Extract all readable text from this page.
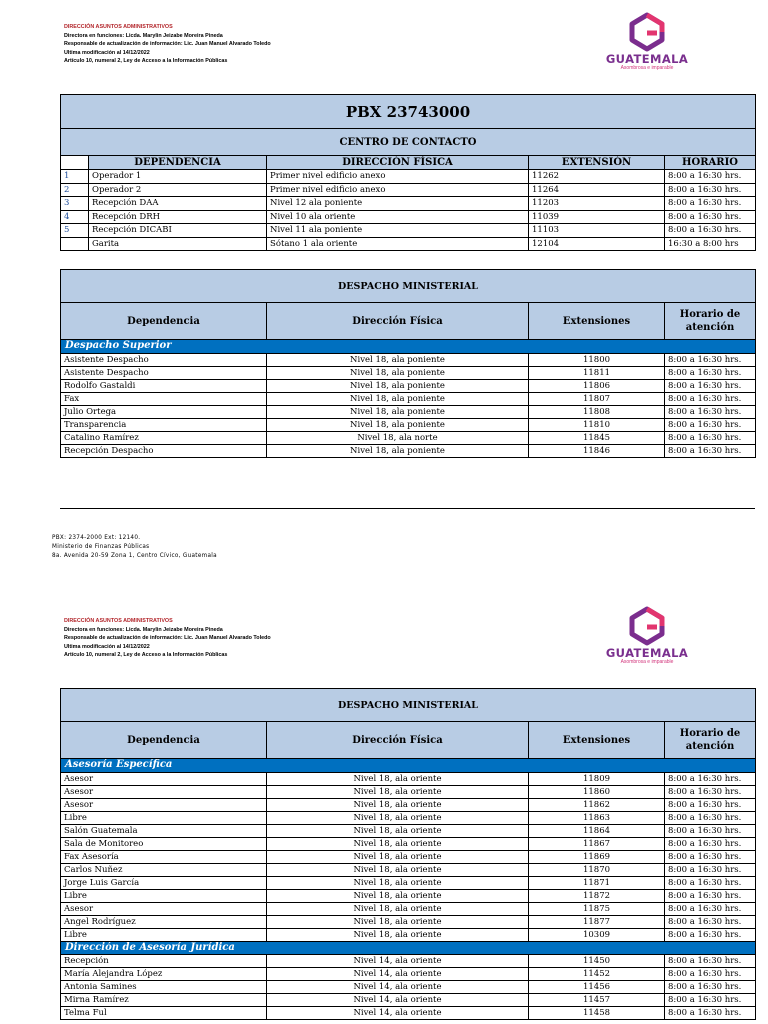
DIRECCIÓN ASUNTOS ADMINISTRATIVOS
Directora en funciones: Licda. Marylin Jeizabe Moreira Pineda
Responsable de actualización de información: Lic. Juan Manuel Alvarado Toledo
Ultima modificación al 14/12/2022
Artículo 10, numeral 2, Ley de Acceso a la Información Públicas	GUATEMALA
Asombrosa e imparable
PBX 23743000				
CENTRO DE CONTACTO				
	DEPENDENCIA	DIRECCIÓN FÍSICA	EXTENSIÓN	HORARIO
1	Operador 1	Primer nivel edificio anexo	11262	8:00 a 16:30 hrs.
2	Operador 2	Primer nivel edificio anexo	11264	8:00 a 16:30 hrs.
3	Recepción DAA	Nivel 12 ala poniente	11203	8:00 a 16:30 hrs.
4	Recepción DRH	Nivel 10 ala oriente	11039	8:00 a 16:30 hrs.
5	Recepción DICABI	Nivel 11 ala poniente	11103	8:00 a 16:30 hrs.
	Garita	Sótano 1 ala oriente	12104	16:30 a 8:00 hrs
DESPACHO MINISTERIAL			
Dependencia	Dirección Física	Extensiones	Horario de atención
Despacho Superior			
Asistente Despacho	Nivel 18, ala poniente	11800	8:00 a 16:30 hrs.
Asistente Despacho	Nivel 18, ala poniente	11811	8:00 a 16:30 hrs.
Rodolfo Gastaldi	Nivel 18, ala poniente	11806	8:00 a 16:30 hrs.
Fax	Nivel 18, ala poniente	11807	8:00 a 16:30 hrs.
Julio Ortega	Nivel 18, ala poniente	11808	8:00 a 16:30 hrs.
Transparencia	Nivel 18, ala poniente	11810	8:00 a 16:30 hrs.
Catalino Ramírez	Nivel 18, ala norte	11845	8:00 a 16:30 hrs.
Recepción Despacho	Nivel 18, ala poniente	11846	8:00 a 16:30 hrs.
PBX: 2374-2000 Ext: 12140.
Ministerio de Finanzas Públicas
8a. Avenida 20-59 Zona 1, Centro Cívico, Guatemala
DIRECCIÓN ASUNTOS ADMINISTRATIVOS
Directora en funciones: Licda. Marylin Jeizabe Moreira Pineda
Responsable de actualización de información: Lic. Juan Manuel Alvarado Toledo
Ultima modificación al 14/12/2022
Artículo 10, numeral 2, Ley de Acceso a la Información Públicas	GUATEMALA
Asombrosa e imparable
DESPACHO MINISTERIAL			
Dependencia	Dirección Física	Extensiones	Horario de atención
Asesoría Específica			
Asesor	Nivel 18, ala oriente	11809	8:00 a 16:30 hrs.
Asesor	Nivel 18, ala oriente	11860	8:00 a 16:30 hrs.
Asesor	Nivel 18, ala oriente	11862	8:00 a 16:30 hrs.
Libre	Nivel 18, ala oriente	11863	8:00 a 16:30 hrs.
Salón Guatemala	Nivel 18, ala oriente	11864	8:00 a 16:30 hrs.
Sala de Monitoreo	Nivel 18, ala oriente	11867	8:00 a 16:30 hrs.
Fax Asesoría	Nivel 18, ala oriente	11869	8:00 a 16:30 hrs.
Carlos Nuñez	Nivel 18, ala oriente	11870	8:00 a 16:30 hrs.
Jorge Luis García	Nivel 18, ala oriente	11871	8:00 a 16:30 hrs.
Libre	Nivel 18, ala oriente	11872	8:00 a 16:30 hrs.
Asesor	Nivel 18, ala oriente	11875	8:00 a 16:30 hrs.
Angel Rodríguez	Nivel 18, ala oriente	11877	8:00 a 16:30 hrs.
Libre	Nivel 18, ala oriente	10309	8:00 a 16:30 hrs.
Dirección de Asesoría Jurídica			
Recepción	Nivel 14, ala oriente	11450	8:00 a 16:30 hrs.
María Alejandra López	Nivel 14, ala oriente	11452	8:00 a 16:30 hrs.
Antonia Samines	Nivel 14, ala oriente	11456	8:00 a 16:30 hrs.
Mirna Ramírez	Nivel 14, ala oriente	11457	8:00 a 16:30 hrs.
Telma Ful	Nivel 14, ala oriente	11458	8:00 a 16:30 hrs.
